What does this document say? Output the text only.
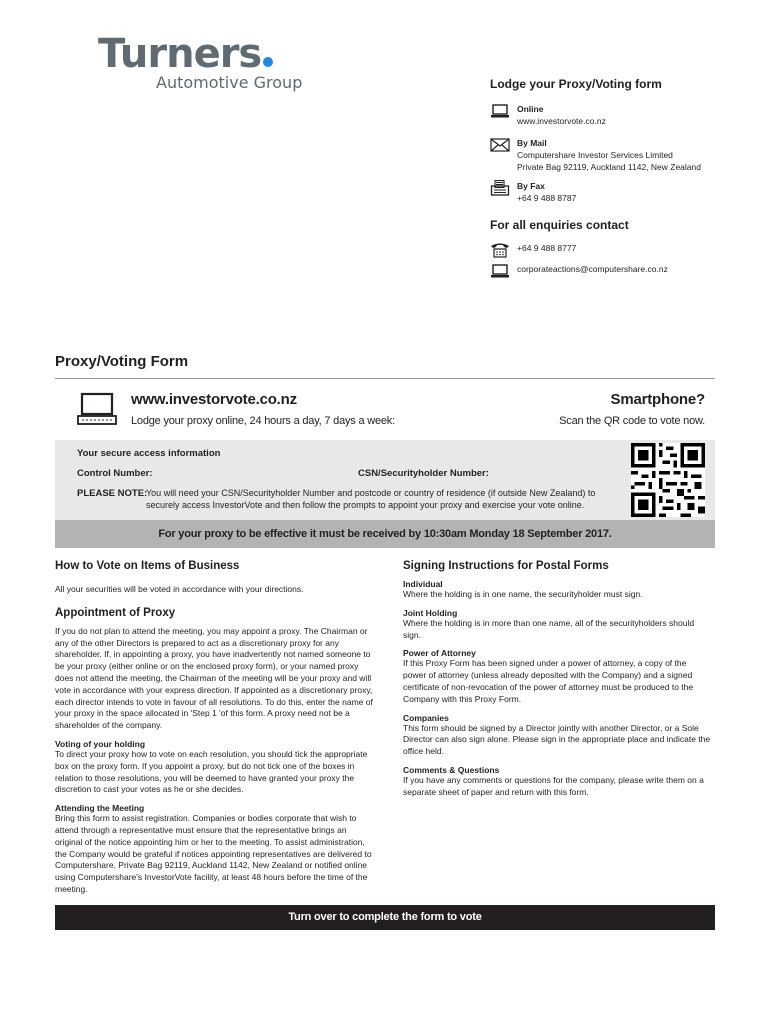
Turners
Automotive Group	Lodge your Proxy/Voting form
Online
www.investorvote.co.nz
By Mail
Computershare Investor Services Limited
Private Bag 92119, Auckland 1142, New Zealand
By Fax
+64 9 488 8787
For all enquiries contact
+64 9 488 8777
corporateactions@computershare.co.nz
Proxy/Voting Form
www.investorvote.co.nz
Lodge your proxy online, 24 hours a day, 7 days a week:
Smartphone?
Scan the QR code to vote now.
Your secure access information
Control Number:	CSN/Securityholder Number:
PLEASE NOTE:
You will need your CSN/Securityholder Number and postcode or country of residence (if outside New Zealand) to
securely access InvestorVote and then follow the prompts to appoint your proxy and exercise your vote online.
For your proxy to be effective it must be received by 10:30am Monday 18 September 2017.
How to Vote on Items of Business

All your securities will be voted in accordance with your directions.

Appointment of Proxy

If you do not plan to attend the meeting, you may appoint a proxy. The Chairman or any of the other Directors is prepared to act as a discretionary proxy for any shareholder. If, in appointing a proxy, you have inadvertently not named someone to be your proxy (either online or on the enclosed proxy form), or your named proxy does not attend the meeting, the Chairman of the meeting will be your proxy and will vote in accordance with your express direction. If appointed as a discretionary proxy, each director intends to vote in favour of all resolutions. To do this, enter the name of your proxy in the space allocated in 'Step 1 'of this form. A proxy need not be a shareholder of the company.

Voting of your holding

To direct your proxy how to vote on each resolution, you should tick the appropriate box on the proxy form. If you appoint a proxy, but do not tick one of the boxes in relation to those resolutions, you will be deemed to have granted your proxy the discretion to cast your votes as he or she decides.

Attending the Meeting

Bring this form to assist registration. Companies or bodies corporate that wish to attend through a representative must ensure that the representative brings an original of the notice appointing him or her to the meeting. To assist administration, the Company would be grateful if notices appointing representatives are delivered to Computershare, Private Bag 92119, Auckland 1142, New Zealand or notified online using Computershare's InvestorVote facility, at least 48 hours before the time of the meeting.

Signing Instructions for Postal Forms
Individual

Where the holding is in one name, the securityholder must sign.

Joint Holding

Where the holding is in more than one name, all of the securityholders should sign.

Power of Attorney

If this Proxy Form has been signed under a power of attorney, a copy of the power of attorney (unless already deposited with the Company) and a signed certificate of non-revocation of the power of attorney must be produced to the Company with this Proxy Form.

Companies

This form should be signed by a Director jointly with another Director, or a Sole Director can also sign alone. Please sign in the appropriate place and indicate the office held.

Comments & Questions

If you have any comments or questions for the company, please write them on a separate sheet of paper and return with this form.

Turn over to complete the form to vote
